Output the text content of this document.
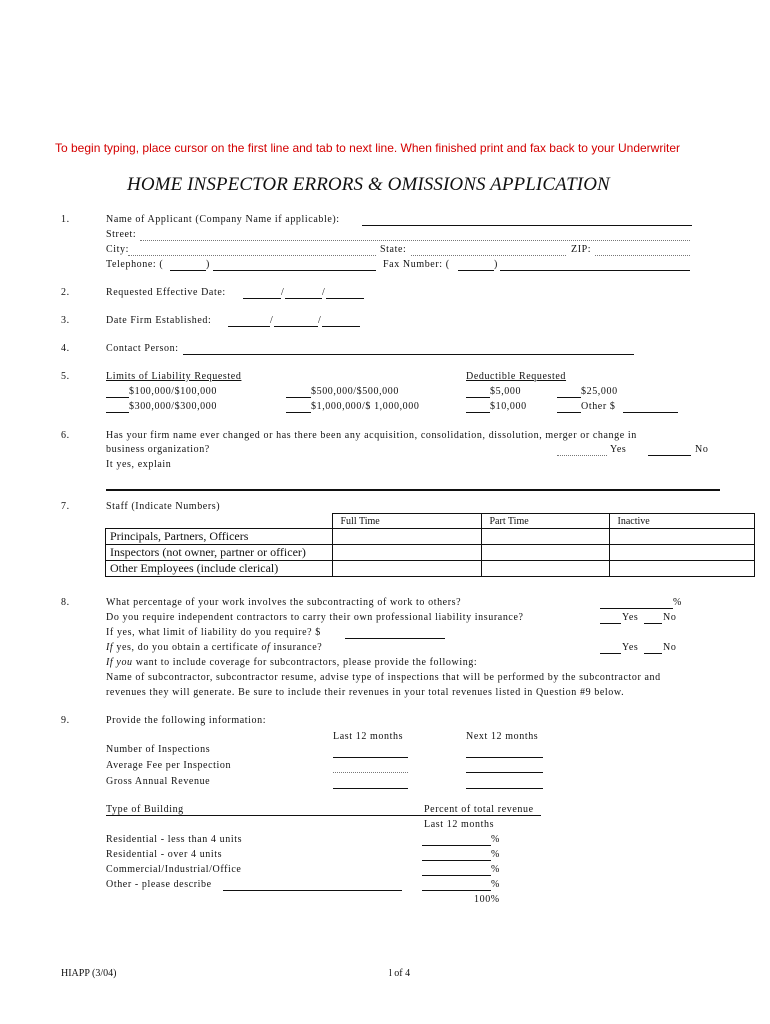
To begin typing, place cursor on the first line and tab to next line. When finished print and fax back to your Underwriter
HOME INSPECTOR ERRORS & OMISSIONS APPLICATION
1.	Name of Applicant (Company Name if applicable):
Street:
City:	State:	ZIP:
Telephone: (	)	Fax Number: (	)
2.	Requested Effective Date:	/	/
3.	Date Firm Established:	/	/
4.	Contact Person:
5.	Limits of Liability Requested	Deductible Requested
$100,000/$100,000	$500,000/$500,000	$5,000	$25,000
$300,000/$300,000	$1,000,000/$ 1,000,000	$10,000	Other $
6.	Has your firm name ever changed or has there been any acquisition, consolidation, dissolution, merger or change in
business organization?	Yes	No
It yes, explain
7.	Staff (Indicate Numbers)
	Full Time	Part Time	Inactive
Principals, Partners, Officers			
Inspectors (not owner, partner or officer)			
Other Employees (include clerical)			
8.	What percentage of your work involves the subcontracting of work to others?	%
Do you require independent contractors to carry their own professional liability insurance?	Yes No
If yes, what limit of liability do you require? $
If yes, do you obtain a certificate of insurance?	Yes No
If you want to include coverage for subcontractors, please provide the following:
Name of subcontractor, subcontractor resume, advise type of inspections that will be performed by the subcontractor and
revenues they will generate. Be sure to include their revenues in your total revenues listed in Question #9 below.
9.	Provide the following information:
Last 12 months	Next 12 months
Number of Inspections
Average Fee per Inspection
Gross Annual Revenue
Type of Building	Percent of total revenue
Last 12 months
Residential - less than 4 units	%
Residential - over 4 units	%
Commercial/Industrial/Office	%
Other - please describe	%
100%
HIAPP (3/04)	l of 4
